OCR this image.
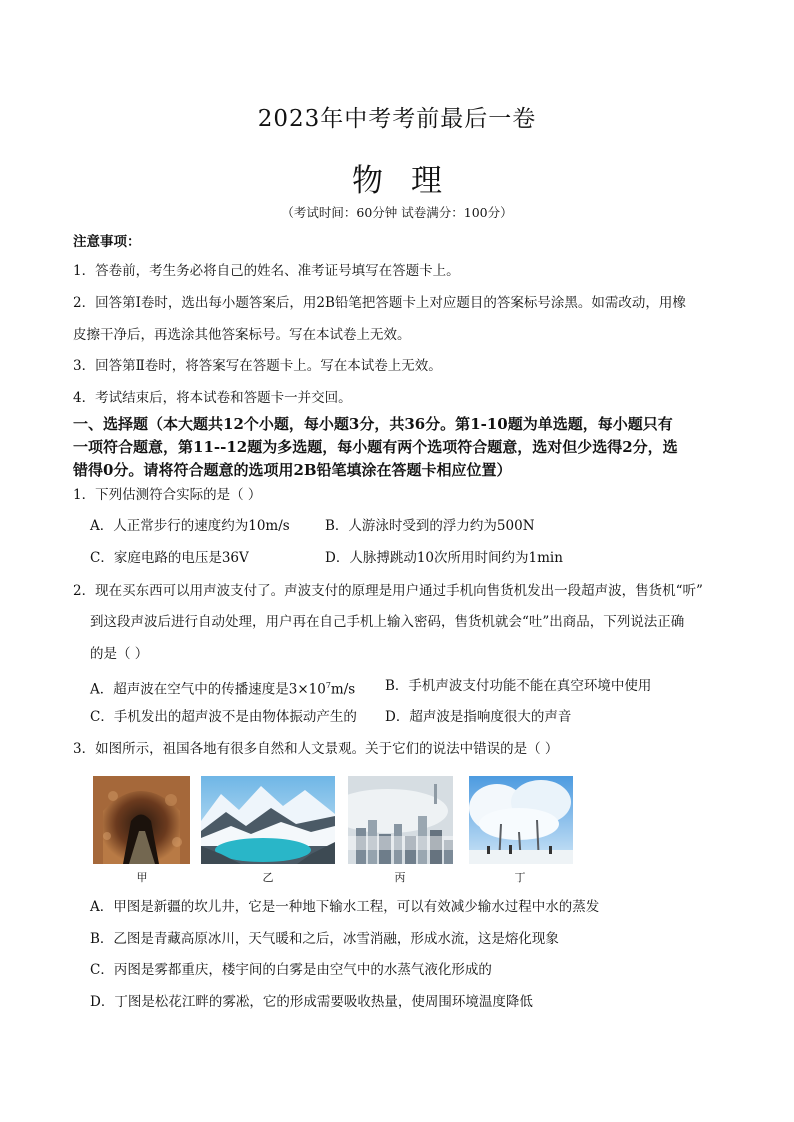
2023年中考考前最后一卷
物理
（考试时间：60分钟 试卷满分：100分）
注意事项：
1．答卷前，考生务必将自己的姓名、准考证号填写在答题卡上。
2．回答第Ⅰ卷时，选出每小题答案后，用2B铅笔把答题卡上对应题目的答案标号涂黑。如需改动，用橡
皮擦干净后，再选涂其他答案标号。写在本试卷上无效。
3．回答第Ⅱ卷时，将答案写在答题卡上。写在本试卷上无效。
4．考试结束后，将本试卷和答题卡一并交回。
一、选择题（本大题共12个小题，每小题3分，共36分。第1-10题为单选题，每小题只有
一项符合题意，第11--12题为多选题，每小题有两个选项符合题意，选对但少选得2分，选
错得0分。请将符合题意的选项用2B铅笔填涂在答题卡相应位置）
1．下列估测符合实际的是（ ）
A．人正常步行的速度约为10m/s	B．人游泳时受到的浮力约为500N
C．家庭电路的电压是36V	D．人脉搏跳动10次所用时间约为1min
2．现在买东西可以用声波支付了。声波支付的原理是用户通过手机向售货机发出一段超声波，售货机“听”
到这段声波后进行自动处理，用户再在自己手机上输入密码，售货机就会“吐”出商品，下列说法正确
的是（ ）
A．超声波在空气中的传播速度是$3\times 10^7m/s$ B．手机声波支付功能不能在真空环境中使用
C．手机发出的超声波不是由物体振动产生的 D．超声波是指响度很大的声音
3．如图所示，祖国各地有很多自然和人文景观。关于它们的说法中错误的是（ ）
甲	乙	丙	丁
A．甲图是新疆的坎儿井，它是一种地下输水工程，可以有效减少输水过程中水的蒸发
B．乙图是青藏高原冰川，天气暖和之后，冰雪消融，形成水流，这是熔化现象
C．丙图是雾都重庆，楼宇间的白雾是由空气中的水蒸气液化形成的
D．丁图是松花江畔的雾凇，它的形成需要吸收热量，使周围环境温度降低
